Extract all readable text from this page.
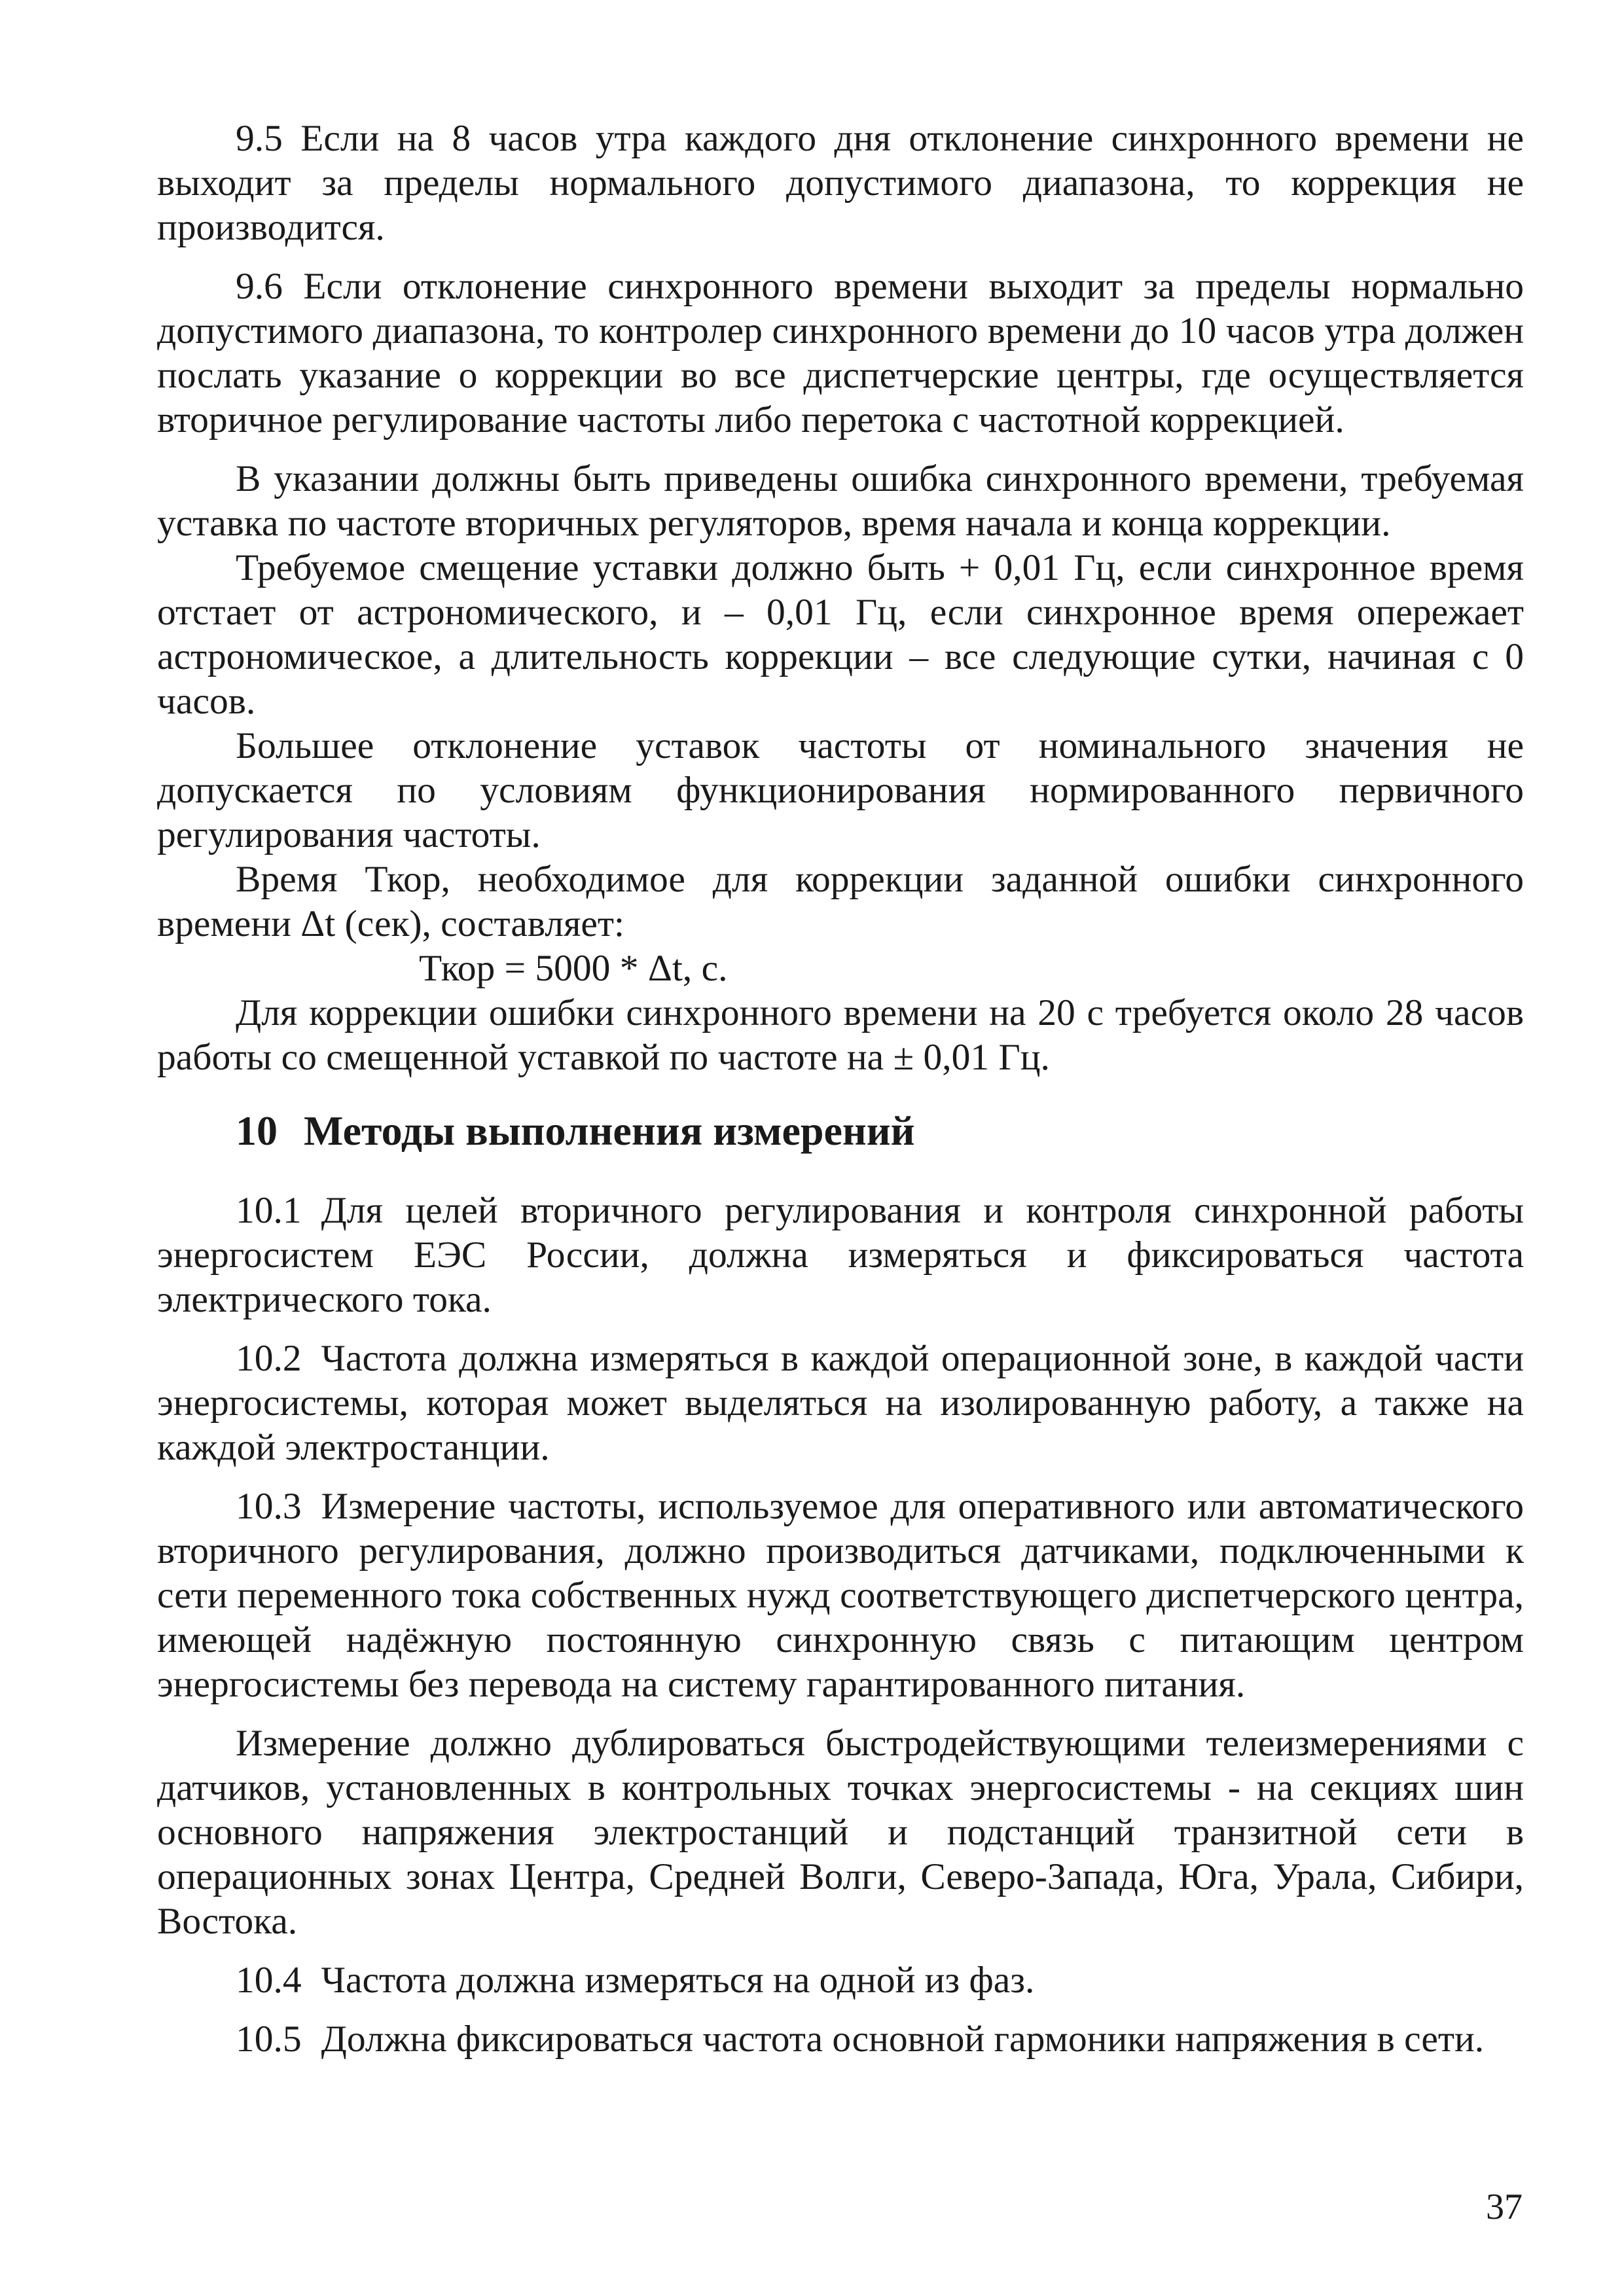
9.5 Если на 8 часов утра каждого дня отклонение синхронного времени не выходит за пределы нормального допустимого диапазона, то коррекция не производится.

9.6 Если отклонение синхронного времени выходит за пределы нормально допустимого диапазона, то контролер синхронного времени до 10 часов утра должен послать указание о коррекции во все диспетчерские центры, где осуществляется вторичное регулирование частоты либо перетока с частотной коррекцией.

В указании должны быть приведены ошибка синхронного времени, требуемая уставка по частоте вторичных регуляторов, время начала и конца коррекции.

Требуемое смещение уставки должно быть + 0,01 Гц, если синхронное время отстает от астрономического, и – 0,01 Гц, если синхронное время опережает астрономическое, а длительность коррекции – все следующие сутки, начиная с 0 часов.

Большее отклонение уставок частоты от номинального значения не допускается по условиям функционирования нормированного первичного регулирования частоты.

Время Ткор, необходимое для коррекции заданной ошибки синхронного времени Δt (сек), составляет:

Ткор = 5000 * Δt, с.

Для коррекции ошибки синхронного времени на 20 с требуется около 28 часов работы со смещенной уставкой по частоте на ± 0,01 Гц.

10 Методы выполнения измерений

10.1 Для целей вторичного регулирования и контроля синхронной работы энергосистем ЕЭС России, должна измеряться и фиксироваться частота электрического тока.

10.2 Частота должна измеряться в каждой операционной зоне, в каждой части энергосистемы, которая может выделяться на изолированную работу, а также на каждой электростанции.

10.3 Измерение частоты, используемое для оперативного или автоматического вторичного регулирования, должно производиться датчиками, подключенными к сети переменного тока собственных нужд соответствующего диспетчерского центра, имеющей надёжную постоянную синхронную связь с питающим центром энергосистемы без перевода на систему гарантированного питания.

Измерение должно дублироваться быстродействующими телеизмерениями с датчиков, установленных в контрольных точках энергосистемы - на секциях шин основного напряжения электростанций и подстанций транзитной сети в операционных зонах Центра, Средней Волги, Северо-Запада, Юга, Урала, Сибири, Востока.

10.4 Частота должна измеряться на одной из фаз.

10.5 Должна фиксироваться частота основной гармоники напряжения в сети.

37
